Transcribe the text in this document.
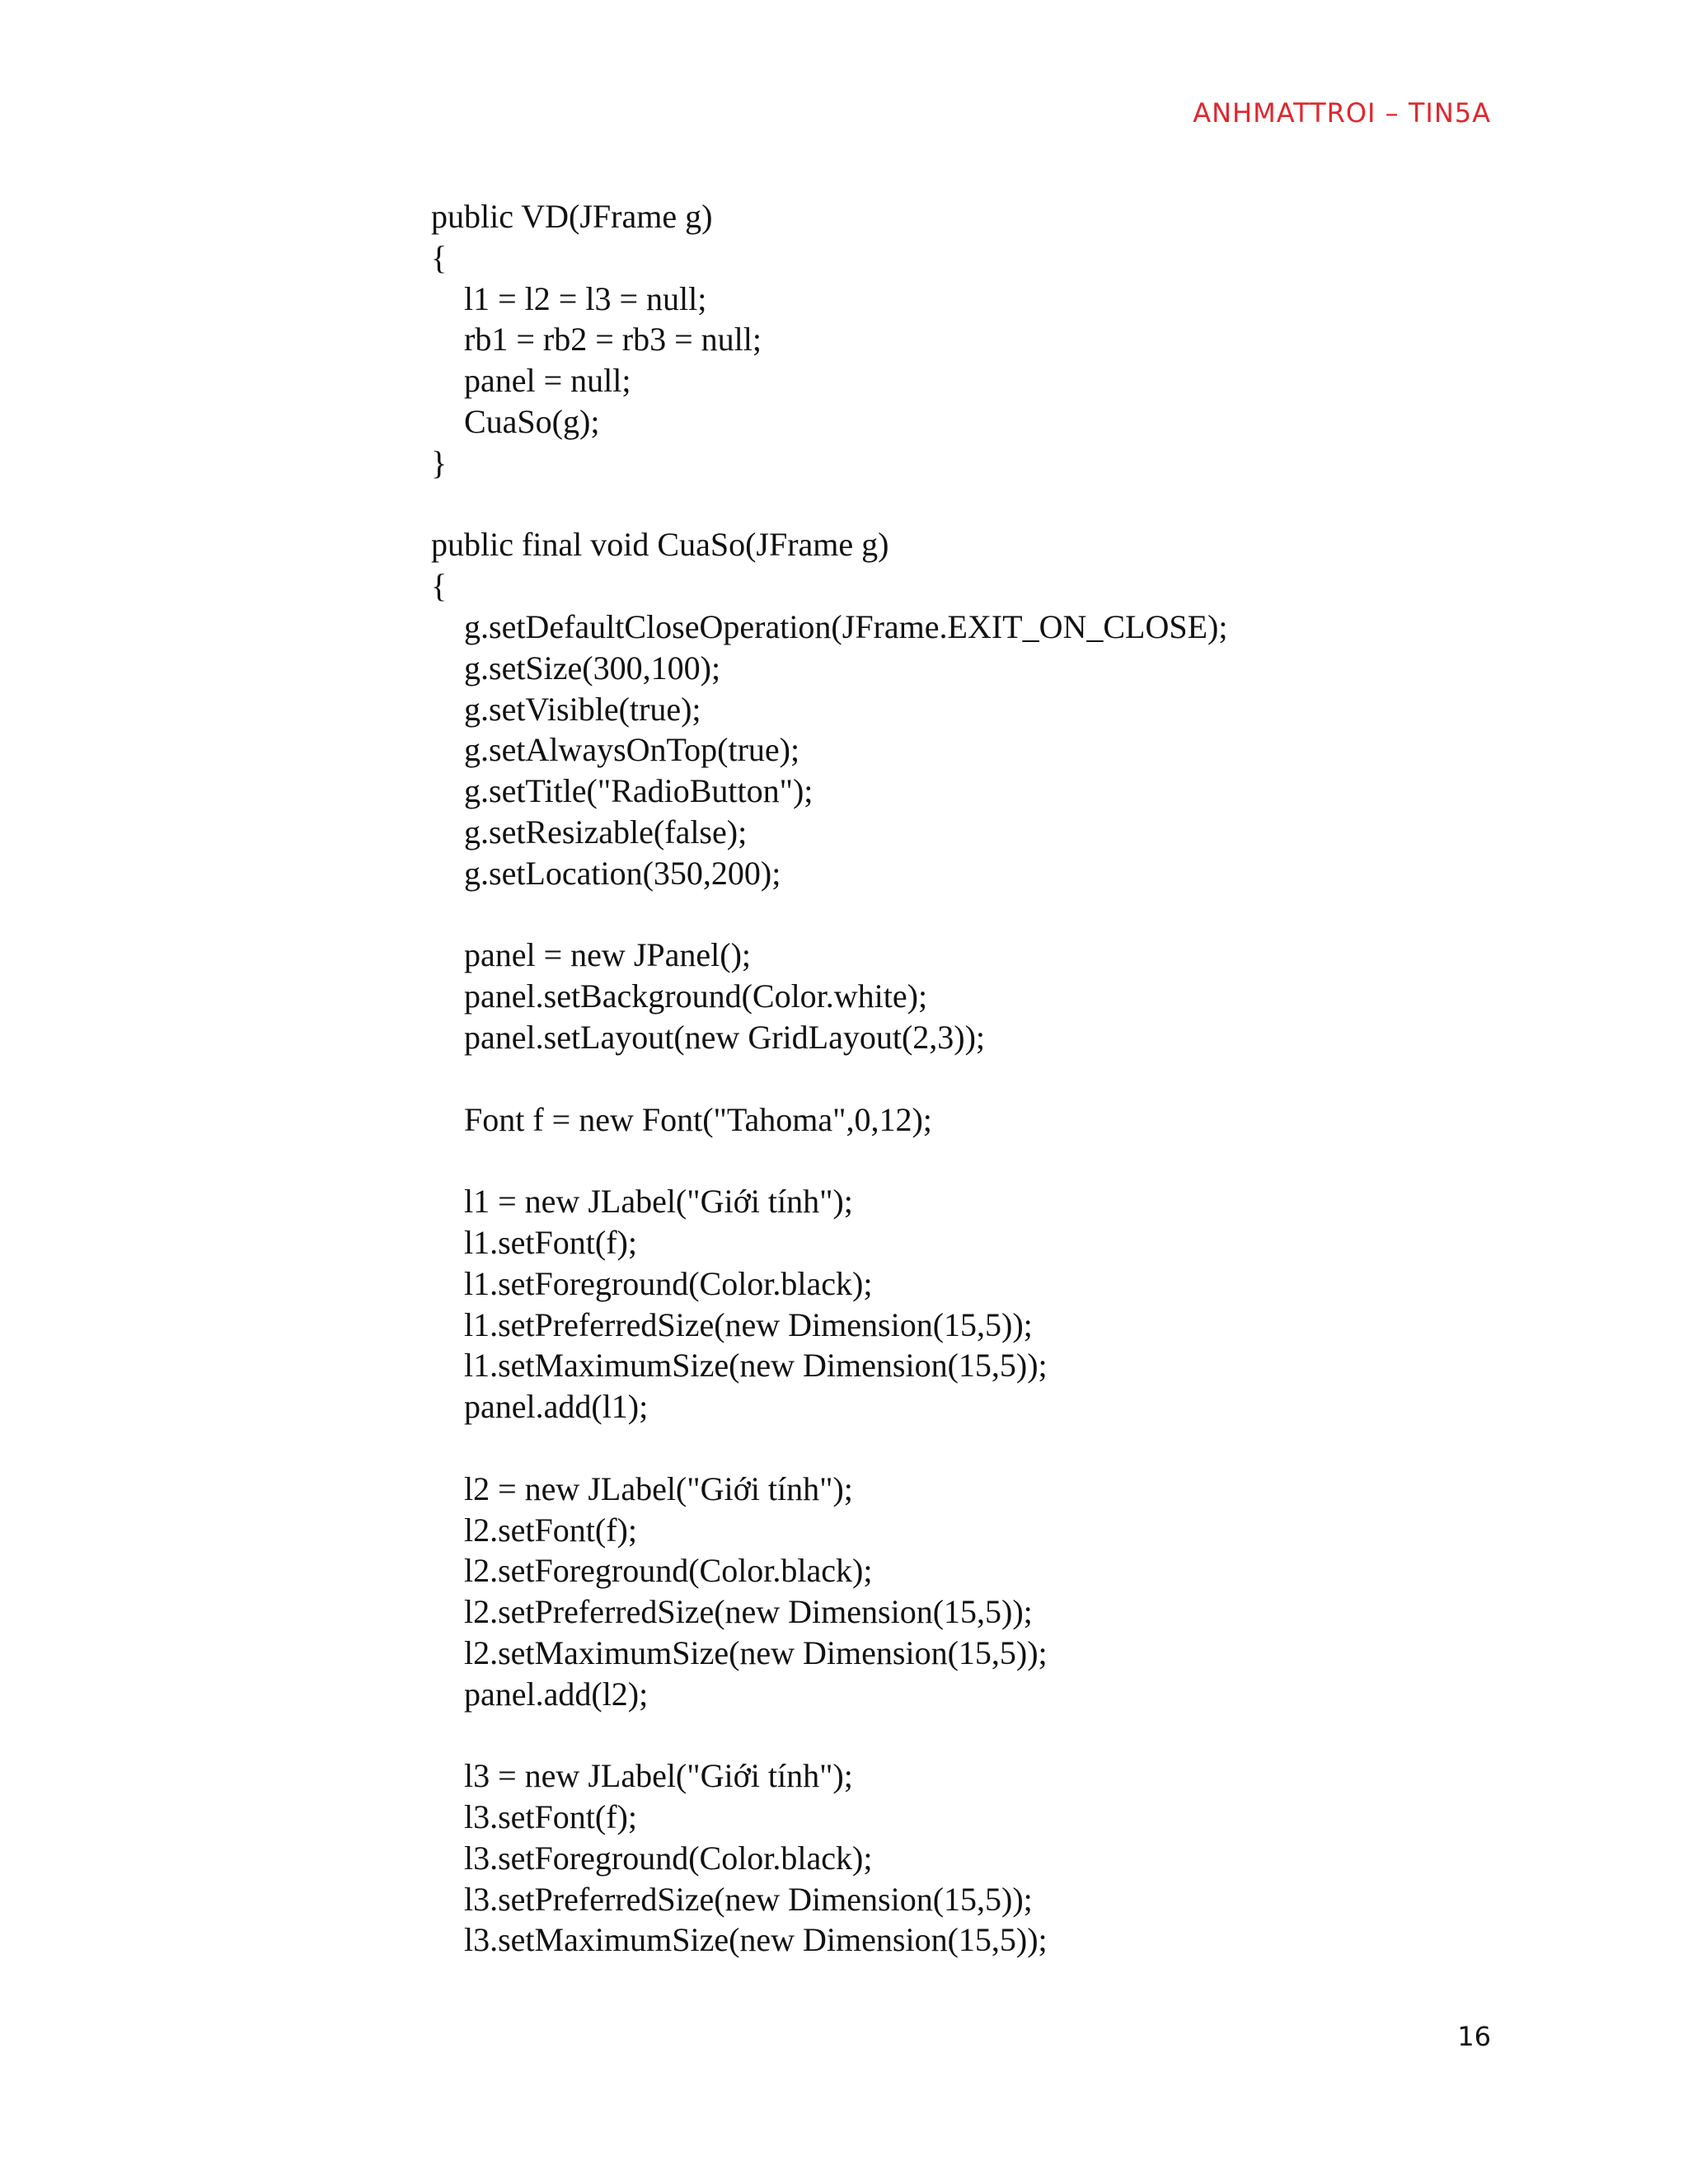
ANHMATTROI – TIN5A
public VD(JFrame g)
{
l1 = l2 = l3 = null;
rb1 = rb2 = rb3 = null;
panel = null;
CuaSo(g);
}
public final void CuaSo(JFrame g)
{
g.setDefaultCloseOperation(JFrame.EXIT_ON_CLOSE);
g.setSize(300,100);
g.setVisible(true);
g.setAlwaysOnTop(true);
g.setTitle("RadioButton");
g.setResizable(false);
g.setLocation(350,200);
panel = new JPanel();
panel.setBackground(Color.white);
panel.setLayout(new GridLayout(2,3));
Font f = new Font("Tahoma",0,12);
l1 = new JLabel("Giới tính");
l1.setFont(f);
l1.setForeground(Color.black);
l1.setPreferredSize(new Dimension(15,5));
l1.setMaximumSize(new Dimension(15,5));
panel.add(l1);
l2 = new JLabel("Giới tính");
l2.setFont(f);
l2.setForeground(Color.black);
l2.setPreferredSize(new Dimension(15,5));
l2.setMaximumSize(new Dimension(15,5));
panel.add(l2);
l3 = new JLabel("Giới tính");
l3.setFont(f);
l3.setForeground(Color.black);
l3.setPreferredSize(new Dimension(15,5));
l3.setMaximumSize(new Dimension(15,5));
16
